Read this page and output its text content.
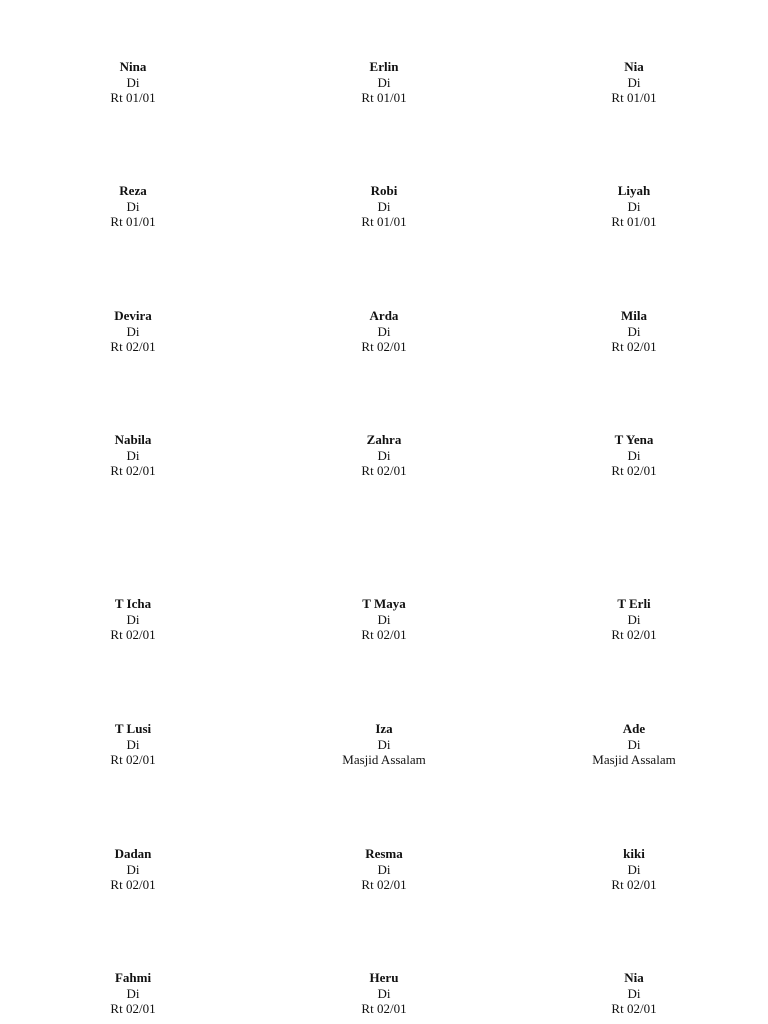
Nina
Di
Rt 01/01
Erlin
Di
Rt 01/01
Nia
Di
Rt 01/01
Reza
Di
Rt 01/01
Robi
Di
Rt 01/01
Liyah
Di
Rt 01/01
Devira
Di
Rt 02/01
Arda
Di
Rt 02/01
Mila
Di
Rt 02/01
Nabila
Di
Rt 02/01
Zahra
Di
Rt 02/01
T Yena
Di
Rt 02/01
T Icha
Di
Rt 02/01
T Maya
Di
Rt 02/01
T Erli
Di
Rt 02/01
T Lusi
Di
Rt 02/01
Iza
Di
Masjid Assalam
Ade
Di
Masjid Assalam
Dadan
Di
Rt 02/01
Resma
Di
Rt 02/01
kiki
Di
Rt 02/01
Fahmi
Di
Rt 02/01
Heru
Di
Rt 02/01
Nia
Di
Rt 02/01
